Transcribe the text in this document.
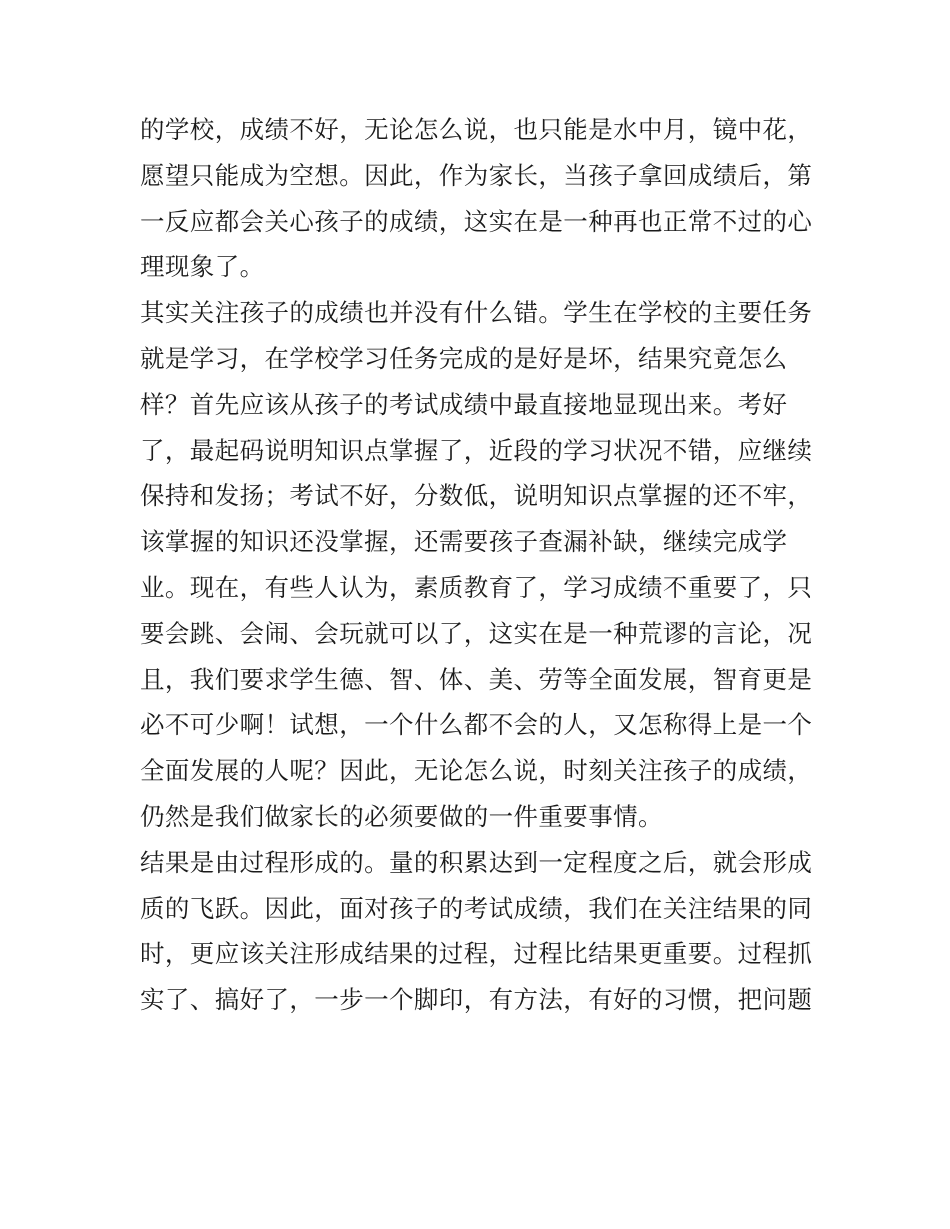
的学校，成绩不好，无论怎么说，也只能是水中月，镜中花，
愿望只能成为空想。因此，作为家长，当孩子拿回成绩后，第
一反应都会关心孩子的成绩，这实在是一种再也正常不过的心
理现象了。
其实关注孩子的成绩也并没有什么错。学生在学校的主要任务
就是学习，在学校学习任务完成的是好是坏，结果究竟怎么
样？首先应该从孩子的考试成绩中最直接地显现出来。考好
了，最起码说明知识点掌握了，近段的学习状况不错，应继续
保持和发扬；考试不好，分数低，说明知识点掌握的还不牢，
该掌握的知识还没掌握，还需要孩子查漏补缺，继续完成学
业。现在，有些人认为，素质教育了，学习成绩不重要了，只
要会跳、会闹、会玩就可以了，这实在是一种荒谬的言论，况
且，我们要求学生德、智、体、美、劳等全面发展，智育更是
必不可少啊！试想，一个什么都不会的人，又怎称得上是一个
全面发展的人呢？因此，无论怎么说，时刻关注孩子的成绩，
仍然是我们做家长的必须要做的一件重要事情。
结果是由过程形成的。量的积累达到一定程度之后，就会形成
质的飞跃。因此，面对孩子的考试成绩，我们在关注结果的同
时，更应该关注形成结果的过程，过程比结果更重要。过程抓
实了、搞好了，一步一个脚印，有方法，有好的习惯，把问题
